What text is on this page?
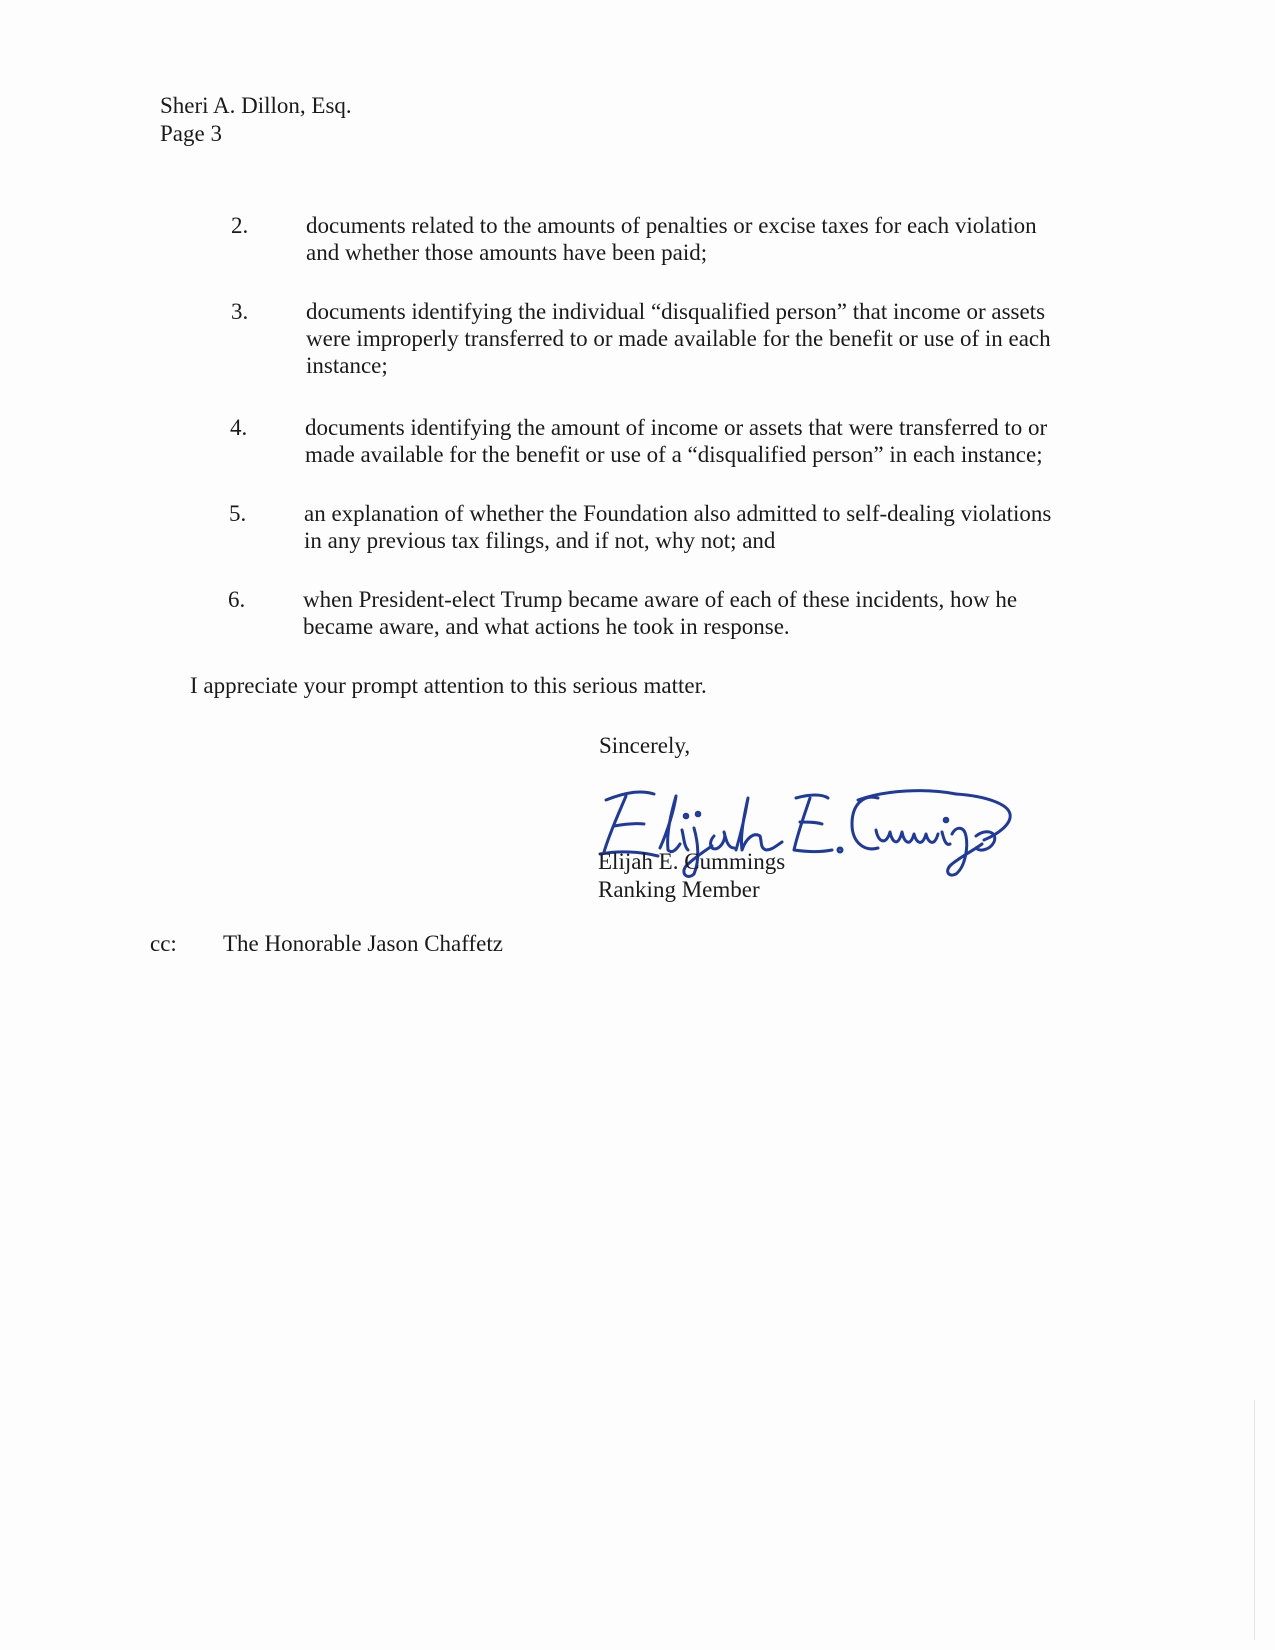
Sheri A. Dillon, Esq.
Page 3
2.	documents related to the amounts of penalties or excise taxes for each violation
and whether those amounts have been paid;
3.	documents identifying the individual “disqualified person” that income or assets
were improperly transferred to or made available for the benefit or use of in each
instance;
4.	documents identifying the amount of income or assets that were transferred to or
made available for the benefit or use of a “disqualified person” in each instance;
5.	an explanation of whether the Foundation also admitted to self-dealing violations
in any previous tax filings, and if not, why not; and
6.	when President-elect Trump became aware of each of these incidents, how he
became aware, and what actions he took in response.
I appreciate your prompt attention to this serious matter.
Sincerely,
Elijah E. Cummings
Ranking Member
cc: The Honorable Jason Chaffetz
